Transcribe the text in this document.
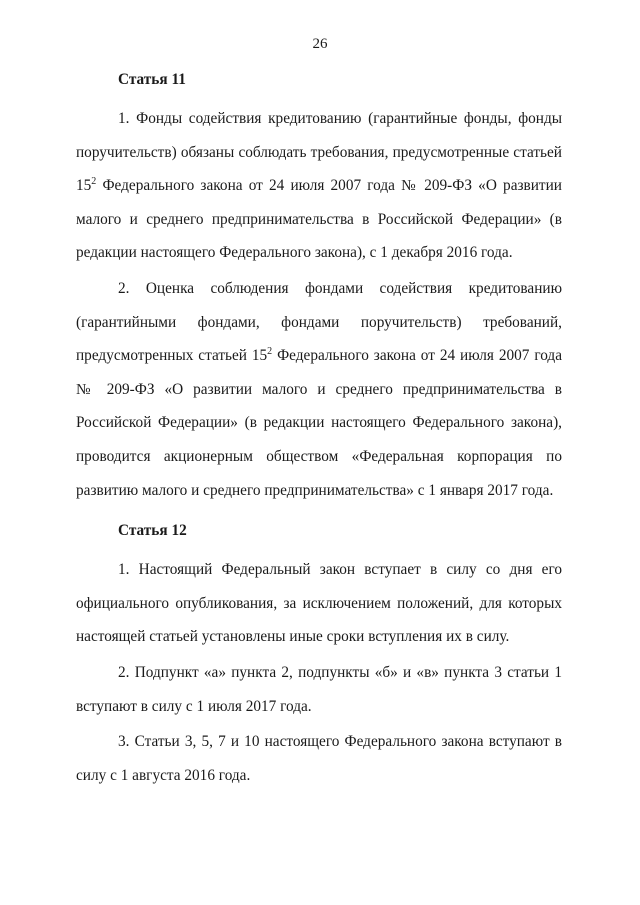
26
Статья 11

1. Фонды содействия кредитованию (гарантийные фонды, фонды поручительств) обязаны соблюдать требования, предусмотренные статьей $15^2$ Федерального закона от 24 июля 2007 года № 209-ФЗ «О развитии малого и среднего предпринимательства в Российской Федерации» (в редакции настоящего Федерального закона), с 1 декабря 2016 года.

2. Оценка соблюдения фондами содействия кредитованию (гарантийными фондами, фондами поручительств) требований, предусмотренных статьей $15^2$ Федерального закона от 24 июля 2007 года № 209-ФЗ «О развитии малого и среднего предпринимательства в Российской Федерации» (в редакции настоящего Федерального закона), проводится акционерным обществом «Федеральная корпорация по развитию малого и среднего предпринимательства» с 1 января 2017 года.

Статья 12

1. Настоящий Федеральный закон вступает в силу со дня его официального опубликования, за исключением положений, для которых настоящей статьей установлены иные сроки вступления их в силу.

2. Подпункт «а» пункта 2, подпункты «б» и «в» пункта 3 статьи 1 вступают в силу с 1 июля 2017 года.

3. Статьи 3, 5, 7 и 10 настоящего Федерального закона вступают в силу с 1 августа 2016 года.
